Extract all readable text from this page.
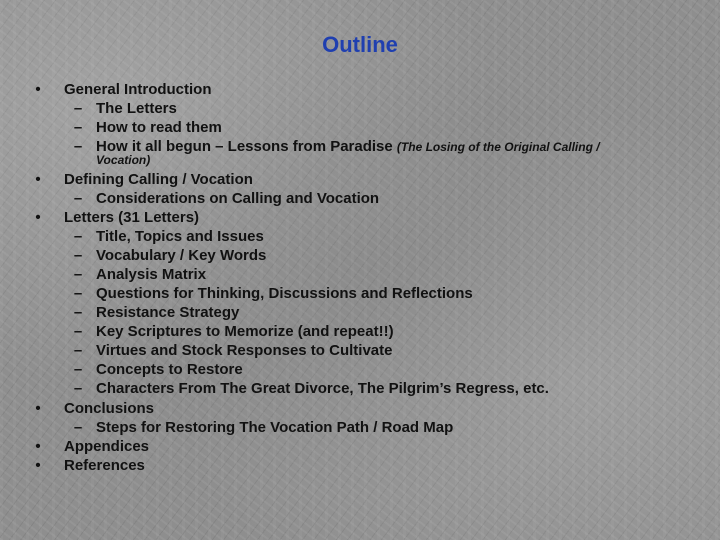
Outline
• General Introduction
– The Letters
– How to read them
– How it all begun – Lessons from Paradise (The Losing of the Original Calling /
Vocation)
• Defining Calling / Vocation
– Considerations on Calling and Vocation
• Letters (31 Letters)
– Title, Topics and Issues
– Vocabulary / Key Words
– Analysis Matrix
– Questions for Thinking, Discussions and Reflections
– Resistance Strategy
– Key Scriptures to Memorize (and repeat!!)
– Virtues and Stock Responses to Cultivate
– Concepts to Restore
– Characters From The Great Divorce, The Pilgrim’s Regress, etc.
• Conclusions
– Steps for Restoring The Vocation Path / Road Map
• Appendices
• References
